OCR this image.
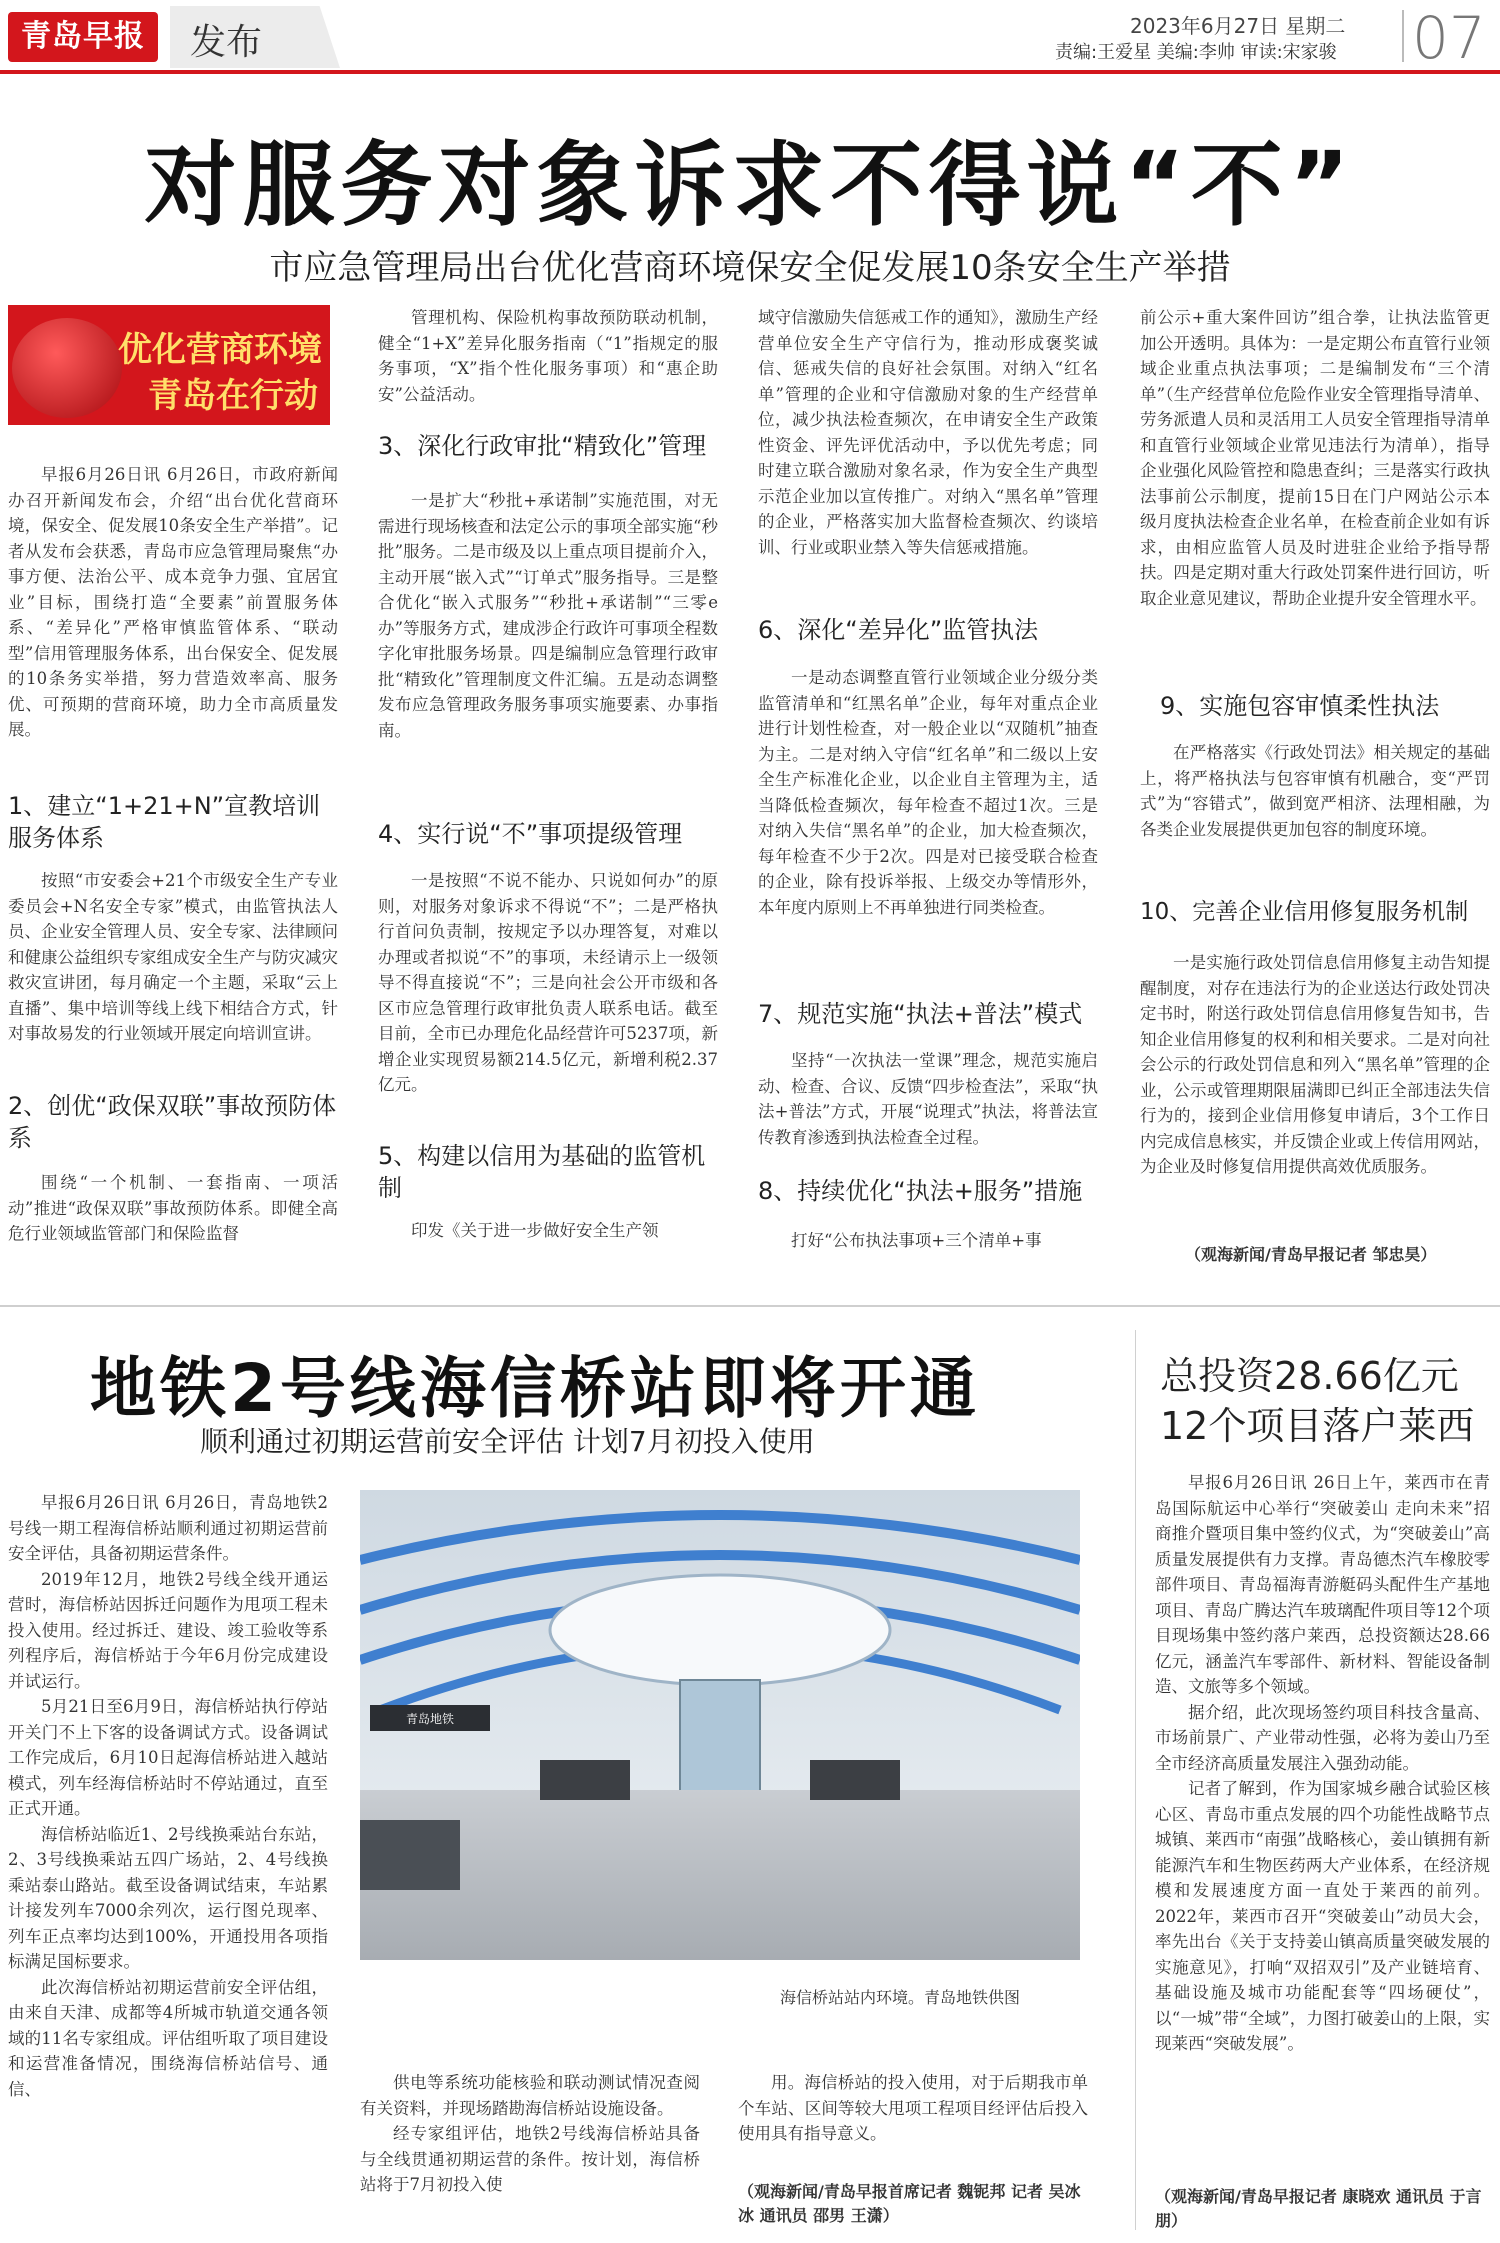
青岛早报	发布	2023年6月27日 星期二
责编:王爱星 美编:李帅 审读:宋家骏 07
对服务对象诉求不得说“不”
市应急管理局出台优化营商环境保安全促发展10条安全生产举措
优化营商环境
青岛在行动

早报6月26日讯 6月26日，市政府新闻办召开新闻发布会，介绍“出台优化营商环境，保安全、促发展10条安全生产举措”。记者从发布会获悉，青岛市应急管理局聚焦“办事方便、法治公平、成本竞争力强、宜居宜业”目标，围绕打造“全要素”前置服务体系、“差异化”严格审慎监管体系、“联动型”信用管理服务体系，出台保安全、促发展的10条务实举措，努力营造效率高、服务优、可预期的营商环境，助力全市高质量发展。

1、建立“1+21+N”宣教培训服务体系

按照“市安委会+21个市级安全生产专业委员会+N名安全专家”模式，由监管执法人员、企业安全管理人员、安全专家、法律顾问和健康公益组织专家组成安全生产与防灾减灾救灾宣讲团，每月确定一个主题，采取“云上直播”、集中培训等线上线下相结合方式，针对事故易发的行业领域开展定向培训宣讲。

2、创优“政保双联”事故预防体系

围绕“一个机制、一套指南、一项活动”推进“政保双联”事故预防体系。即健全高危行业领域监管部门和保险监督

管理机构、保险机构事故预防联动机制，健全“1+X”差异化服务指南（“1”指规定的服务事项，“X”指个性化服务事项）和“惠企助安”公益活动。

3、深化行政审批“精致化”管理

一是扩大“秒批+承诺制”实施范围，对无需进行现场核查和法定公示的事项全部实施“秒批”服务。二是市级及以上重点项目提前介入，主动开展“嵌入式”“订单式”服务指导。三是整合优化“嵌入式服务”“秒批+承诺制”“三零e办”等服务方式，建成涉企行政许可事项全程数字化审批服务场景。四是编制应急管理行政审批“精致化”管理制度文件汇编。五是动态调整发布应急管理政务服务事项实施要素、办事指南。

4、实行说“不”事项提级管理

一是按照“不说不能办、只说如何办”的原则，对服务对象诉求不得说“不”；二是严格执行首问负责制，按规定予以办理答复，对难以办理或者拟说“不”的事项，未经请示上一级领导不得直接说“不”；三是向社会公开市级和各区市应急管理行政审批负责人联系电话。截至目前，全市已办理危化品经营许可5237项，新增企业实现贸易额214.5亿元，新增利税2.37亿元。

5、构建以信用为基础的监管机制

印发《关于进一步做好安全生产领

域守信激励失信惩戒工作的通知》，激励生产经营单位安全生产守信行为，推动形成褒奖诚信、惩戒失信的良好社会氛围。对纳入“红名单”管理的企业和守信激励对象的生产经营单位，减少执法检查频次，在申请安全生产政策性资金、评先评优活动中，予以优先考虑；同时建立联合激励对象名录，作为安全生产典型示范企业加以宣传推广。对纳入“黑名单”管理的企业，严格落实加大监督检查频次、约谈培训、行业或职业禁入等失信惩戒措施。

6、深化“差异化”监管执法

一是动态调整直管行业领域企业分级分类监管清单和“红黑名单”企业，每年对重点企业进行计划性检查，对一般企业以“双随机”抽查为主。二是对纳入守信“红名单”和二级以上安全生产标准化企业，以企业自主管理为主，适当降低检查频次，每年检查不超过1次。三是对纳入失信“黑名单”的企业，加大检查频次，每年检查不少于2次。四是对已接受联合检查的企业，除有投诉举报、上级交办等情形外，本年度内原则上不再单独进行同类检查。

7、规范实施“执法+普法”模式

坚持“一次执法一堂课”理念，规范实施启动、检查、合议、反馈“四步检查法”，采取“执法+普法”方式，开展“说理式”执法，将普法宣传教育渗透到执法检查全过程。

8、持续优化“执法+服务”措施

打好“公布执法事项+三个清单+事

前公示+重大案件回访”组合拳，让执法监管更加公开透明。具体为：一是定期公布直管行业领域企业重点执法事项；二是编制发布“三个清单”（生产经营单位危险作业安全管理指导清单、劳务派遣人员和灵活用工人员安全管理指导清单和直管行业领域企业常见违法行为清单），指导企业强化风险管控和隐患查纠；三是落实行政执法事前公示制度，提前15日在门户网站公示本级月度执法检查企业名单，在检查前企业如有诉求，由相应监管人员及时进驻企业给予指导帮扶。四是定期对重大行政处罚案件进行回访，听取企业意见建议，帮助企业提升安全管理水平。

9、实施包容审慎柔性执法

在严格落实《行政处罚法》相关规定的基础上，将严格执法与包容审慎有机融合，变“严罚式”为“容错式”，做到宽严相济、法理相融，为各类企业发展提供更加包容的制度环境。

10、完善企业信用修复服务机制

一是实施行政处罚信息信用修复主动告知提醒制度，对存在违法行为的企业送达行政处罚决定书时，附送行政处罚信息信用修复告知书，告知企业信用修复的权利和相关要求。二是对向社会公示的行政处罚信息和列入“黑名单”管理的企业，公示或管理期限届满即已纠正全部违法失信行为的，接到企业信用修复申请后，3个工作日内完成信息核实，并反馈企业或上传信用网站，为企业及时修复信用提供高效优质服务。

（观海新闻/青岛早报记者 邹忠昊）
地铁2号线海信桥站即将开通
顺利通过初期运营前安全评估 计划7月初投入使用

早报6月26日讯 6月26日，青岛地铁2号线一期工程海信桥站顺利通过初期运营前安全评估，具备初期运营条件。

2019年12月，地铁2号线全线开通运营时，海信桥站因拆迁问题作为甩项工程未投入使用。经过拆迁、建设、竣工验收等系列程序后，海信桥站于今年6月份完成建设并试运行。

5月21日至6月9日，海信桥站执行停站开关门不上下客的设备调试方式。设备调试工作完成后，6月10日起海信桥站进入越站模式，列车经海信桥站时不停站通过，直至正式开通。

海信桥站临近1、2号线换乘站台东站，2、3号线换乘站五四广场站，2、4号线换乘站泰山路站。截至设备调试结束，车站累计接发列车7000余列次，运行图兑现率、列车正点率均达到100%，开通投用各项指标满足国标要求。

此次海信桥站初期运营前安全评估组，由来自天津、成都等4所城市轨道交通各领域的11名专家组成。评估组听取了项目建设和运营准备情况，围绕海信桥站信号、通信、

青岛地铁
海信桥站站内环境。青岛地铁供图

供电等系统功能核验和联动测试情况查阅有关资料，并现场踏勘海信桥站设施设备。

经专家组评估，地铁2号线海信桥站具备与全线贯通初期运营的条件。按计划，海信桥站将于7月初投入使

用。海信桥站的投入使用，对于后期我市单个车站、区间等较大甩项工程项目经评估后投入使用具有指导意义。

（观海新闻/青岛早报首席记者 魏铌邦 记者 吴冰冰 通讯员 邵男 王潇）
总投资28.66亿元
12个项目落户莱西

早报6月26日讯 26日上午，莱西市在青岛国际航运中心举行“突破姜山 走向未来”招商推介暨项目集中签约仪式，为“突破姜山”高质量发展提供有力支撑。青岛德杰汽车橡胶零部件项目、青岛福海青游艇码头配件生产基地项目、青岛广腾达汽车玻璃配件项目等12个项目现场集中签约落户莱西，总投资额达28.66亿元，涵盖汽车零部件、新材料、智能设备制造、文旅等多个领域。

据介绍，此次现场签约项目科技含量高、市场前景广、产业带动性强，必将为姜山乃至全市经济高质量发展注入强劲动能。

记者了解到，作为国家城乡融合试验区核心区、青岛市重点发展的四个功能性战略节点城镇、莱西市“南强”战略核心，姜山镇拥有新能源汽车和生物医药两大产业体系，在经济规模和发展速度方面一直处于莱西的前列。2022年，莱西市召开“突破姜山”动员大会，率先出台《关于支持姜山镇高质量突破发展的实施意见》，打响“双招双引”及产业链培育、基础设施及城市功能配套等“四场硬仗”，以“一城”带“全域”，力图打破姜山的上限，实现莱西“突破发展”。

（观海新闻/青岛早报记者 康晓欢 通讯员 于言朋）
